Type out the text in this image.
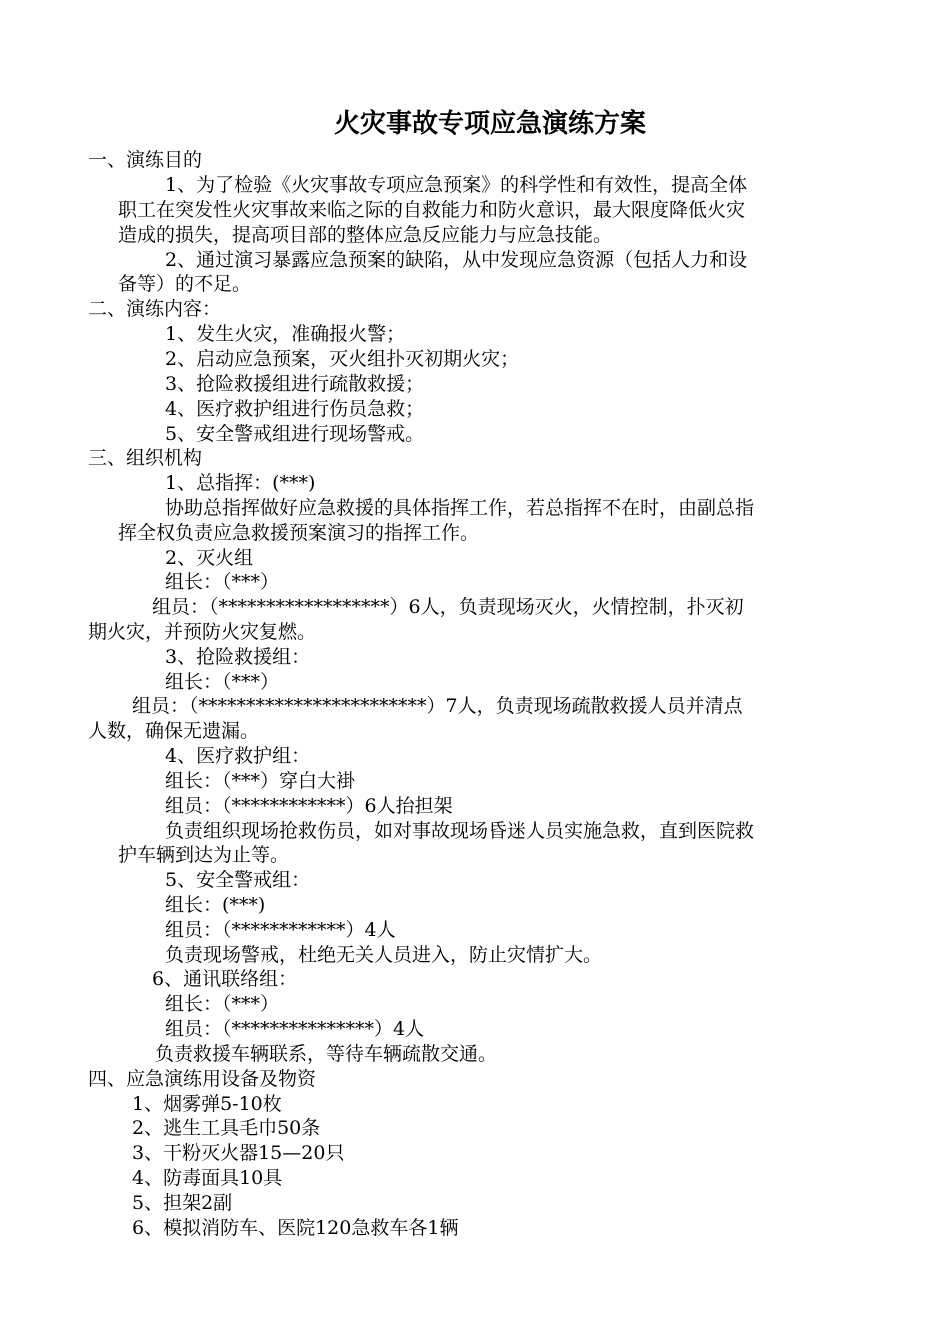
火灾事故专项应急演练方案
一、演练目的
1、为了检验《火灾事故专项应急预案》的科学性和有效性，提高全体
职工在突发性火灾事故来临之际的自救能力和防火意识，最大限度降低火灾
造成的损失，提高项目部的整体应急反应能力与应急技能。
2、通过演习暴露应急预案的缺陷，从中发现应急资源（包括人力和设
备等）的不足。
二、演练内容：
1、发生火灾，准确报火警；
2、启动应急预案，灭火组扑灭初期火灾；
3、抢险救援组进行疏散救援；
4、医疗救护组进行伤员急救；
5、安全警戒组进行现场警戒。
三、组织机构
1、总指挥：(***)
协助总指挥做好应急救援的具体指挥工作，若总指挥不在时，由副总指
挥全权负责应急救援预案演习的指挥工作。
2、灭火组
组长：（***）
组员：（******************）6人，负责现场灭火，火情控制，扑灭初
期火灾，并预防火灾复燃。
3、抢险救援组：
组长：（***）
组员：（************************）7人，负责现场疏散救援人员并清点
人数，确保无遗漏。
4、医疗救护组：
组长：（***）穿白大褂
组员：（************）6人抬担架
负责组织现场抢救伤员，如对事故现场昏迷人员实施急救，直到医院救
护车辆到达为止等。
5、安全警戒组：
组长：(***)
组员：（************）4人
负责现场警戒，杜绝无关人员进入，防止灾情扩大。
6、通讯联络组：
组长：（***）
组员：（***************）4人
负责救援车辆联系，等待车辆疏散交通。
四、应急演练用设备及物资
1、烟雾弹5-10枚
2、逃生工具毛巾50条
3、干粉灭火器15—20只
4、防毒面具10具
5、担架2副
6、模拟消防车、医院120急救车各1辆
